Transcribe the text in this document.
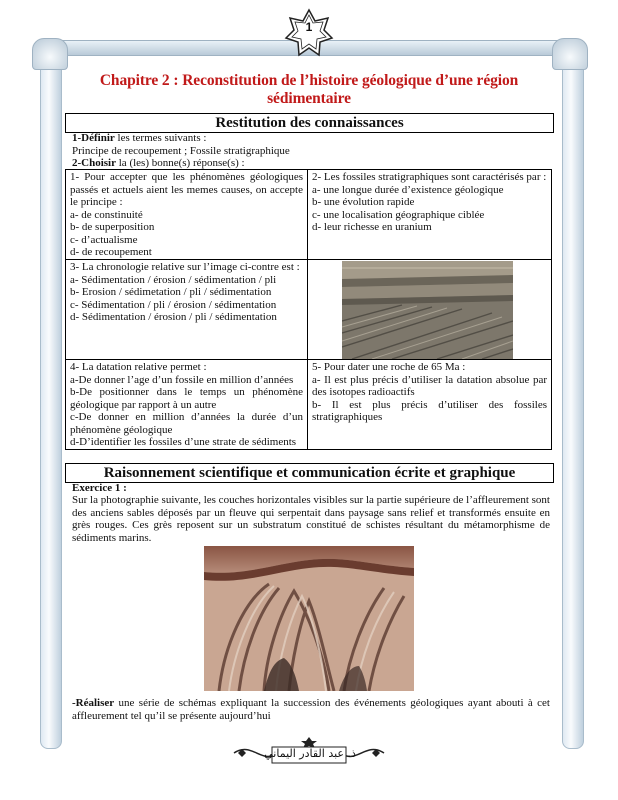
1
Chapitre 2 : Reconstitution de l’histoire géologique d’une région sédimentaire
Restitution des connaissances
1-Définir les termes suivants :
Principe de recoupement ; Fossile stratigraphique
2-Choisir la (les) bonne(s) réponse(s) :
1- Pour accepter que les phénomènes géologiques passés et actuels aient les memes causes, on accepte le principe :
a- de constinuité
b- de superposition
c- d’actualisme
d- de recoupement
2- Les fossiles stratigraphiques sont caractérisés par :
a- une longue durée d’existence géologique
b- une évolution rapide
c- une localisation géographique ciblée
d- leur richesse en uranium
3- La chronologie relative sur l’image ci-contre est :
a- Sédimentation / érosion / sédimentation / pli
b- Erosion / sédimetation / pli / sédimentation
c- Sédimentation / pli / érosion / sédimentation
d- Sédimentation / érosion / pli / sédimentation
4- La datation relative permet :
a-De donner l’age d’un fossile en million d’années
b-De positionner dans le temps un phénomène géologique par rapport à un autre
c-De donner en million d’années la durée d’un phénomène géologique
d-D’identifier les fossiles d’une strate de sédiments
5- Pour dater une roche de 65 Ma :
a- Il est plus précis d’utiliser la datation absolue par des isotopes radioactifs
b- Il est plus précis d’utiliser des fossiles stratigraphiques
Raisonnement scientifique et communication écrite et graphique
Exercice 1 :
Sur la photographie suivante, les couches horizontales visibles sur la partie supérieure de l’affleurement sont des anciens sables déposés par un fleuve qui serpentait dans paysage sans relief et transformés ensuite en grès rouges. Ces grès reposent sur un substratum constitué de schistes résultant du métamorphisme de sédiments marins.
-Réaliser une série de schémas expliquant la succession des événements géologiques ayant abouti à cet affleurement tel qu’il se présente aujourd’hui
ذ. عبد القادر اليماني
